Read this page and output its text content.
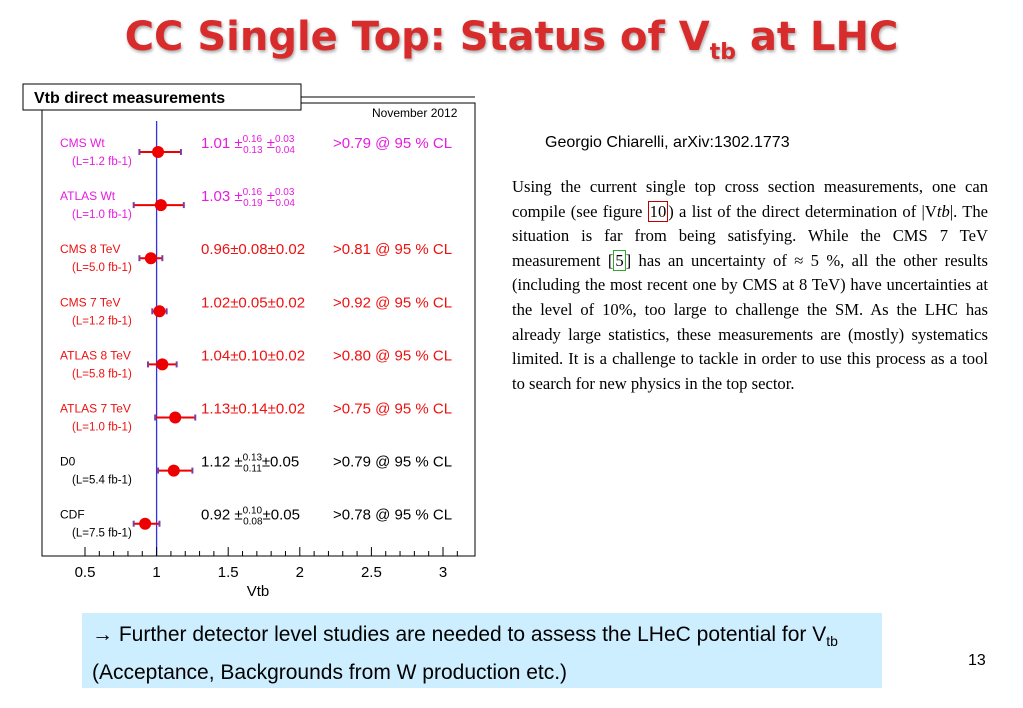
CC Single Top: Status of $V_{tb}$ at LHC
Vtb direct measurements
November 2012
0.5	1	1.5	2	2.5	3
Vtb
CMS Wt
(L=1.2 fb-1)
1.01 ±$^{0.16}$ 0.13 ±$^{0.03}$ 0.04	>0.79 @ 95 % CL
ATLAS Wt
(L=1.0 fb-1)
1.03 ±$^{0.16}$ 0.19 ±$^{0.03}$ 0.04
CMS 8 TeV
(L=5.0 fb-1)
0.96±0.08±0.02 >0.81 @ 95 % CL
CMS 7 TeV
(L=1.2 fb-1)
1.02±0.05±0.02 >0.92 @ 95 % CL
ATLAS 8 TeV
(L=5.8 fb-1)
1.04±0.10±0.02 >0.80 @ 95 % CL
ATLAS 7 TeV
(L=1.0 fb-1)
1.13±0.14±0.02 >0.75 @ 95 % CL
D0
(L=5.4 fb-1)
1.12 ±$^{0.13}$ 0.11±0.05 >0.79 @ 95 % CL
CDF
(L=7.5 fb-1)
0.92 ±$^{0.10}$ 0.08±0.05 >0.78 @ 95 % CL
Georgio Chiarelli, arXiv:1302.1773
Using the current single top cross section measurements, one can compile (see figure 10 ) a list of the direct determination of |Vtb|. The situation is far from being satisfying. While the CMS 7 TeV measurement [ 5 ] has an uncertainty of ≈ 5 %, all the other results (including the most recent one by CMS at 8 TeV) have uncertainties at the level of 10%, too large to challenge the SM. As the LHC has already large statistics, these measurements are (mostly) systematics limited. It is a challenge to tackle in order to use this process as a tool to search for new physics in the top sector.
→ Further detector level studies are needed to assess the LHeC potential for $V_{tb}$ (Acceptance, Backgrounds from W production etc.)
13
